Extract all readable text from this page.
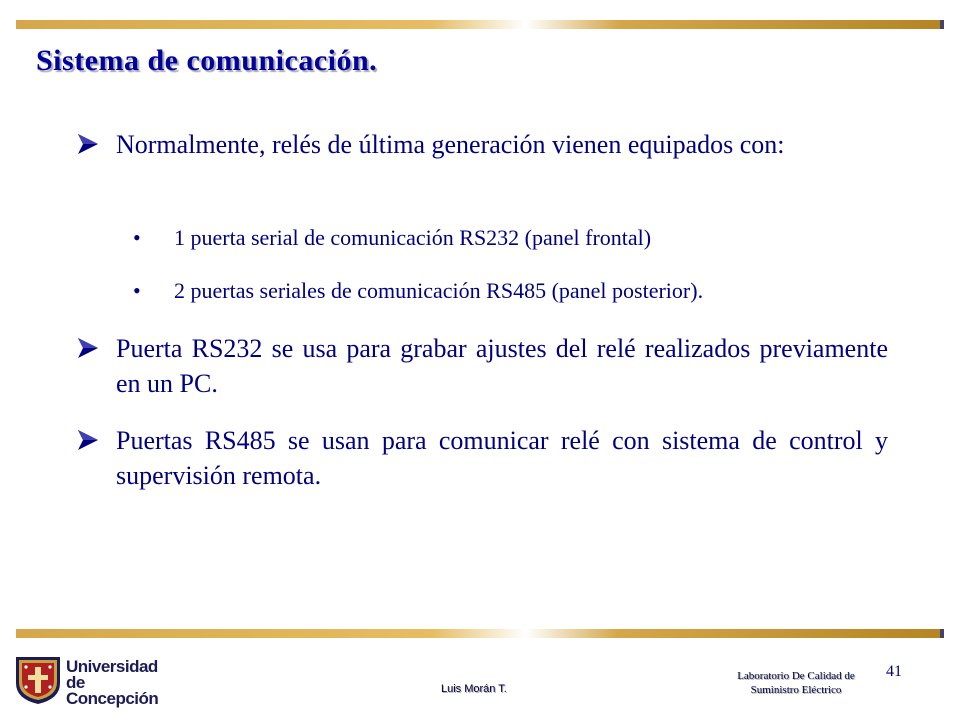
Sistema de comunicación.
Normalmente, relés de última generación vienen equipados con:
• 1 puerta serial de comunicación RS232 (panel frontal)
• 2 puertas seriales de comunicación RS485 (panel posterior).
Puerta RS232 se usa para grabar ajustes del relé realizados previamente en un PC.
Puertas RS485 se usan para comunicar relé con sistema de control y supervisión remota.
Universidad
de Concepción	Luis Morán T.
Laboratorio De Calidad de
Suministro Eléctrico
41
